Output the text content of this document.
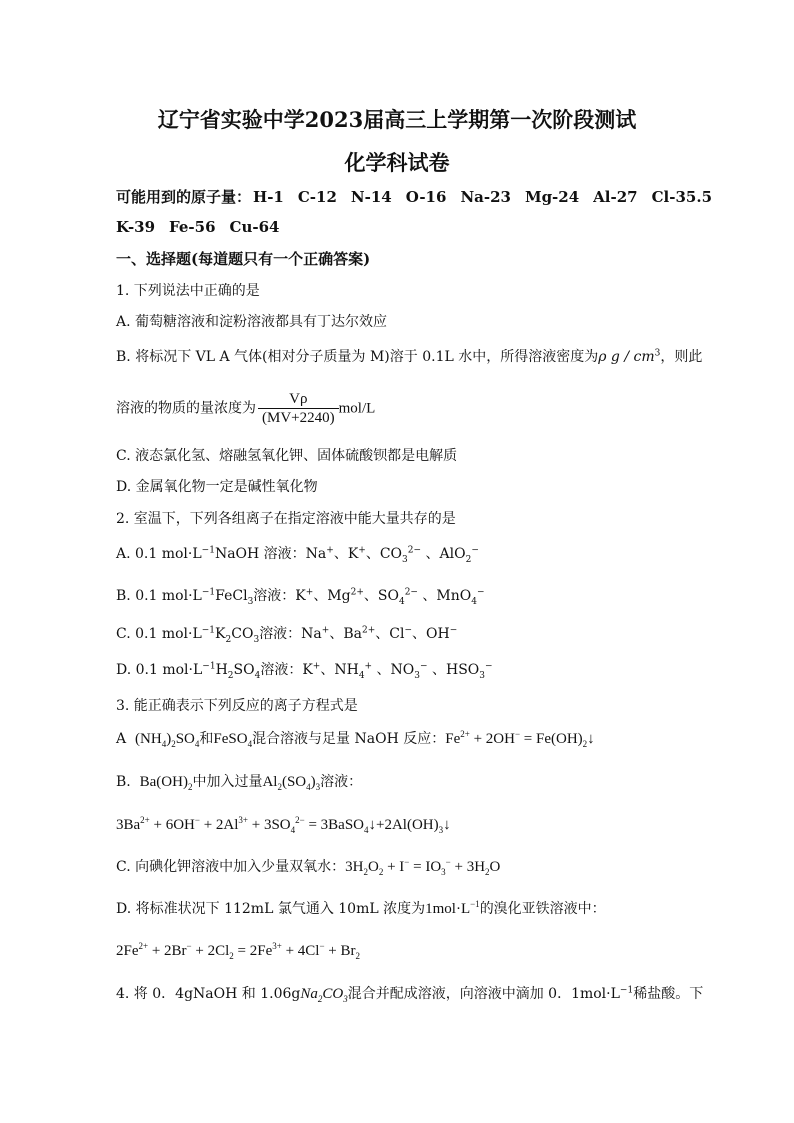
辽宁省实验中学2023届高三上学期第一次阶段测试
化学科试卷
可能用到的原子量： H-1 C-12 N-14 O-16 Na-23 Mg-24 Al-27 Cl-35.5
K-39 Fe-56 Cu-64
一、选择题(每道题只有一个正确答案)
1. 下列说法中正确的是
A. 葡萄糖溶液和淀粉溶液都具有丁达尔效应
B. 将标况下 VL A 气体(相对分子质量为 M)溶于 0.1L 水中，所得溶液密度为ρ g / $cm^3$，则此
溶液的物质的量浓度为 $\frac{V\rho}{(MV+2240)} mol/L$
C. 液态氯化氢、熔融氢氧化钾、固体硫酸钡都是电解质
D. 金属氧化物一定是碱性氧化物
2. 室温下，下列各组离子在指定溶液中能大量共存的是
A. 0.1 $mol\cdot L^{-1}NaOH$ 溶液：Na+、K+、$CO_3^{2-}$ 、AlO$_2$−
B. 0.1 $mol\cdot L^{-1}FeCl_3$溶液：K+、$Mg^{2+}$、$SO_4^{2-}$ 、MnO$_4$−
C. 0.1 $mol\cdot L^{-1}K_2CO_3$溶液：Na+、$Ba^{2+}$、Cl−、OH−
D. 0.1 $mol\cdot L^{-1}H_2SO_4$溶液：K+、$NH_4^+$ 、$NO_3^-$ 、$HSO_3^-$
3. 能正确表示下列反应的离子方程式是
A  $(NH_4)_2SO_4$和FeSO$_4$混合溶液与足量 NaOH 反应：$Fe^{2+} + 2OH^-$ = $Fe(OH)_2↓$
B.  $Ba(OH)_2$中加入过量$Al_2(SO_4)_3$溶液：
$3Ba^{2+} + 6OH^- + 2Al^{3+} + 3SO_4^{2-}$ = $3BaSO_4↓+2Al(OH)_3↓$
C. 向碘化钾溶液中加入少量双氧水：$3H_2O_2 + I^- = IO_3^- + 3H_2O$
D. 将标准状况下 112mL 氯气通入 10mL 浓度为$1mol\cdot L^{-1}$的溴化亚铁溶液中：
$2Fe^{2+} + 2Br^- + 2Cl_2 = 2Fe^{3+} + 4Cl^- + Br_2$
4. 将 0．4gNaOH 和 $1.06gNa_2CO_3$混合并配成溶液，向溶液中滴加 0．$1mol\cdot L^{-1}$稀盐酸。下
